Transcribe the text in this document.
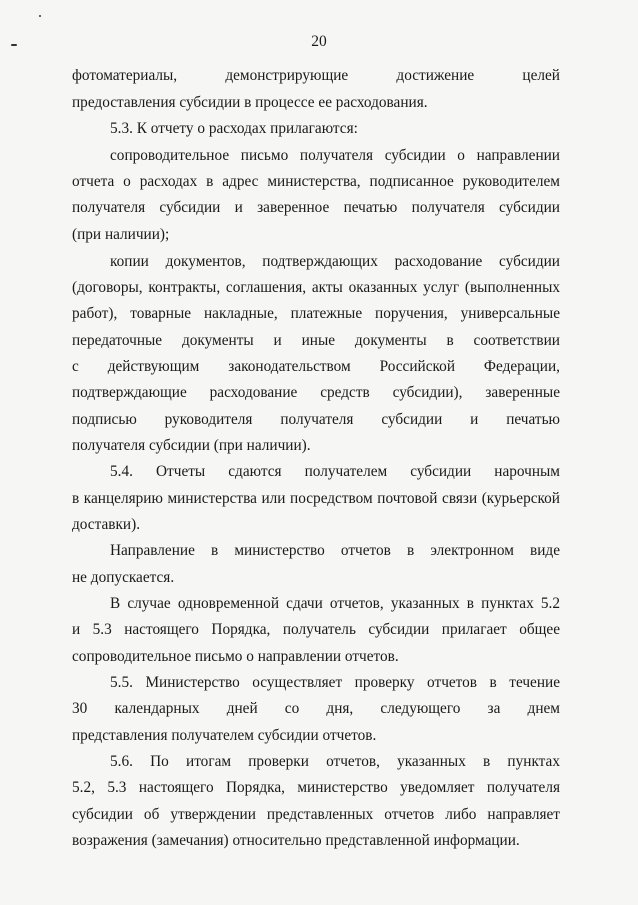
20
фотоматериалы, демонстрирующие достижение целей
предоставления субсидии в процессе ее расходования.
5.3. К отчету о расходах прилагаются:
сопроводительное письмо получателя субсидии о направлении
отчета о расходах в адрес министерства, подписанное руководителем
получателя субсидии и заверенное печатью получателя субсидии
(при наличии);
копии документов, подтверждающих расходование субсидии
(договоры, контракты, соглашения, акты оказанных услуг (выполненных
работ), товарные накладные, платежные поручения, универсальные
передаточные документы и иные документы в соответствии
с действующим законодательством Российской Федерации,
подтверждающие расходование средств субсидии), заверенные
подписью руководителя получателя субсидии и печатью
получателя субсидии (при наличии).
5.4. Отчеты сдаются получателем субсидии нарочным
в канцелярию министерства или посредством почтовой связи (курьерской
доставки).
Направление в министерство отчетов в электронном виде
не допускается.
В случае одновременной сдачи отчетов, указанных в пунктах 5.2
и 5.3 настоящего Порядка, получатель субсидии прилагает общее
сопроводительное письмо о направлении отчетов.
5.5. Министерство осуществляет проверку отчетов в течение
30 календарных дней со дня, следующего за днем
представления получателем субсидии отчетов.
5.6. По итогам проверки отчетов, указанных в пунктах
5.2, 5.3 настоящего Порядка, министерство уведомляет получателя
субсидии об утверждении представленных отчетов либо направляет
возражения (замечания) относительно представленной информации.
